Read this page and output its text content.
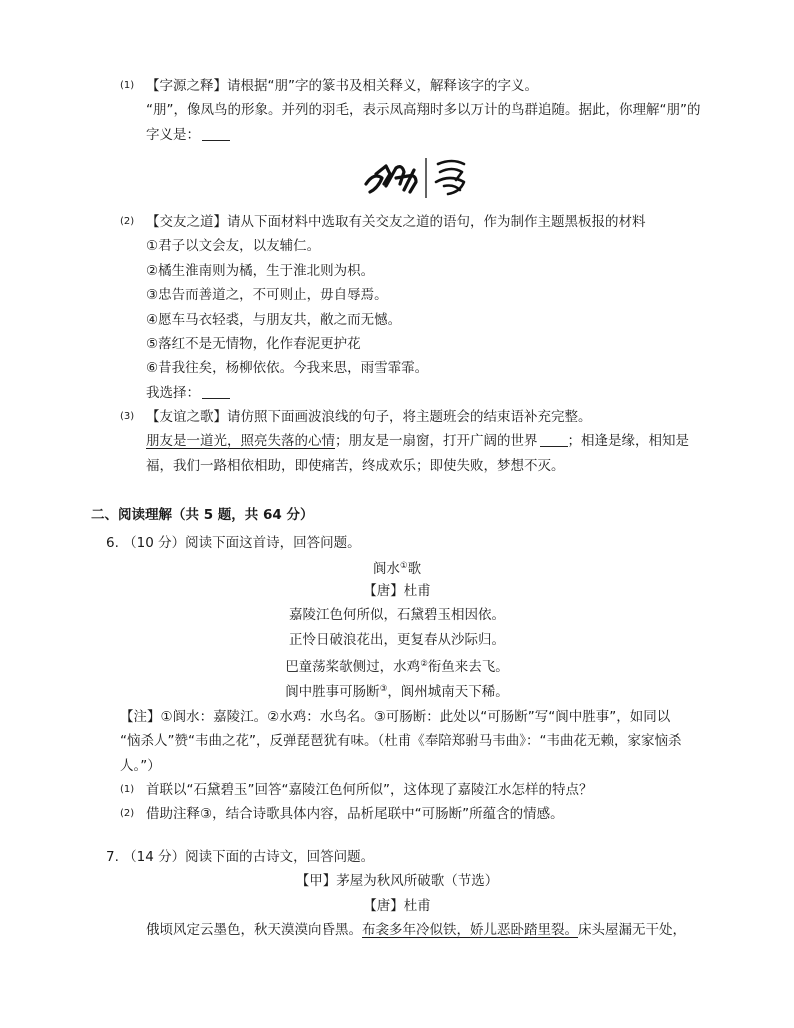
(1) 【字源之释】请根据“朋”字的篆书及相关释义，解释该字的字义。
“朋”，像凤鸟的形象。并列的羽毛，表示凤高翔时多以万计的鸟群追随。据此，你理解“朋”的
字义是：
(2) 【交友之道】请从下面材料中选取有关交友之道的语句，作为制作主题黑板报的材料
①君子以文会友，以友辅仁。
②橘生淮南则为橘，生于淮北则为枳。
③忠告而善道之，不可则止，毋自辱焉。
④愿车马衣轻裘，与朋友共，敝之而无憾。
⑤落红不是无情物，化作春泥更护花
⑥昔我往矣，杨柳依依。今我来思，雨雪霏霏。
我选择：
(3) 【友谊之歌】请仿照下面画波浪线的句子，将主题班会的结束语补充完整。
朋友是一道光，照亮失落的心情；朋友是一扇窗，打开广阔的世界 ；相逢是缘，相知是
福，我们一路相依相助，即使痛苦，终成欢乐；即使失败，梦想不灭。
二、阅读理解（共 5 题，共 64 分）
6. （10 分）阅读下面这首诗，回答问题。
阆水①歌
【唐】杜甫
嘉陵江色何所似，石黛碧玉相因依。
正怜日破浪花出，更复春从沙际归。
巴童荡桨欹侧过，水鸡②衔鱼来去飞。
阆中胜事可肠断③，阆州城南天下稀。
【注】①阆水：嘉陵江。②水鸡：水鸟名。③可肠断：此处以“可肠断”写“阆中胜事”，如同以
“恼杀人”赞“韦曲之花”，反弹琵琶犹有味。（杜甫《奉陪郑驸马韦曲》：“韦曲花无赖，家家恼杀
人。”）
(1) 首联以“石黛碧玉”回答“嘉陵江色何所似”，这体现了嘉陵江水怎样的特点？
(2) 借助注释③，结合诗歌具体内容，品析尾联中“可肠断”所蕴含的情感。
7. （14 分）阅读下面的古诗文，回答问题。
【甲】茅屋为秋风所破歌（节选）
【唐】杜甫
俄顷风定云墨色，秋天漠漠向昏黑。布衾多年冷似铁，娇儿恶卧踏里裂。床头屋漏无干处，
